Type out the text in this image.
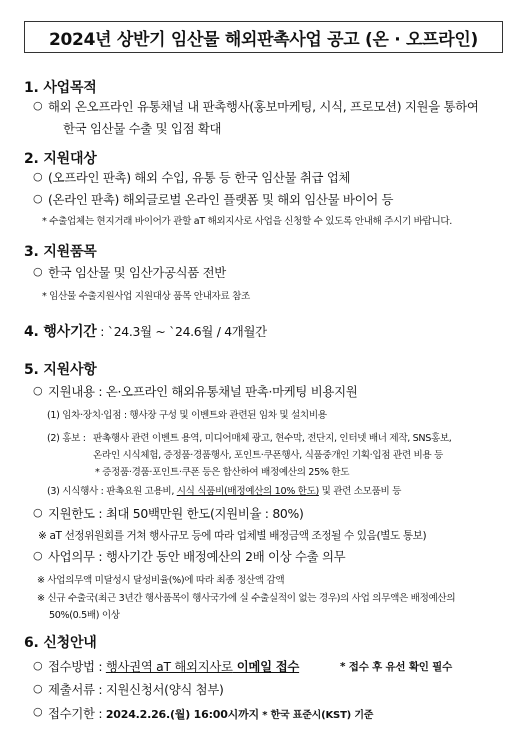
2024년 상반기 임산물 해외판촉사업 공고 (온 · 오프라인)
1. 사업목적
○ 해외 온오프라인 유통채널 내 판촉행사(홍보마케팅, 시식, 프로모션) 지원을 통하여
한국 임산물 수출 및 입점 확대
2. 지원대상
○ (오프라인 판촉) 해외 수입, 유통 등 한국 임산물 취급 업체
○ (온라인 판촉) 해외글로벌 온라인 플랫폼 및 해외 임산물 바이어 등
* 수출업체는 현지거래 바이어가 관할 aT 해외지사로 사업을 신청할 수 있도록 안내해 주시기 바랍니다.
3. 지원품목
○ 한국 임산물 및 임산가공식품 전반
* 임산물 수출지원사업 지원대상 품목 안내자료 참조
4. 행사기간 : `24.3월 ~ `24.6월 / 4개월간
5. 지원사항
○ 지원내용 : 온·오프라인 해외유통채널 판촉·마케팅 비용지원
(1) 임차·장치·입점 : 행사장 구성 및 이벤트와 관련된 임차 및 설치비용
(2) 홍보 : 판촉행사 관련 이벤트 용역, 미디어매체 광고, 현수막, 전단지, 인터넷 배너 제작, SNS홍보,
온라인 시식체험, 증정품·경품행사, 포인트·쿠폰행사, 식품중개인 기획·입점 관련 비용 등
* 증정품·경품·포인트·쿠폰 등은 합산하여 배정예산의 25% 한도
(3) 시식행사 : 판촉요원 고용비, 시식 식품비(배정예산의 10% 한도) 및 관련 소모품비 등
○ 지원한도 : 최대 50백만원 한도(지원비율 : 80%)
※ aT 선정위원회를 거쳐 행사규모 등에 따라 업체별 배정금액 조정될 수 있음(별도 통보)
○ 사업의무 : 행사기간 동안 배정예산의 2배 이상 수출 의무
※ 사업의무액 미달성시 달성비율(%)에 따라 최종 정산액 감액
※ 신규 수출국(최근 3년간 행사품목이 행사국가에 실 수출실적이 없는 경우)의 사업 의무액은 배정예산의
50%(0.5배) 이상
6. 신청안내
○ 접수방법 : 행사권역 aT 해외지사로 이메일 접수	* 접수 후 유선 확인 필수
○ 제출서류 : 지원신청서(양식 첨부)
○ 접수기한 : 2024.2.26.(월) 16:00시까지 * 한국 표준시(KST) 기준
